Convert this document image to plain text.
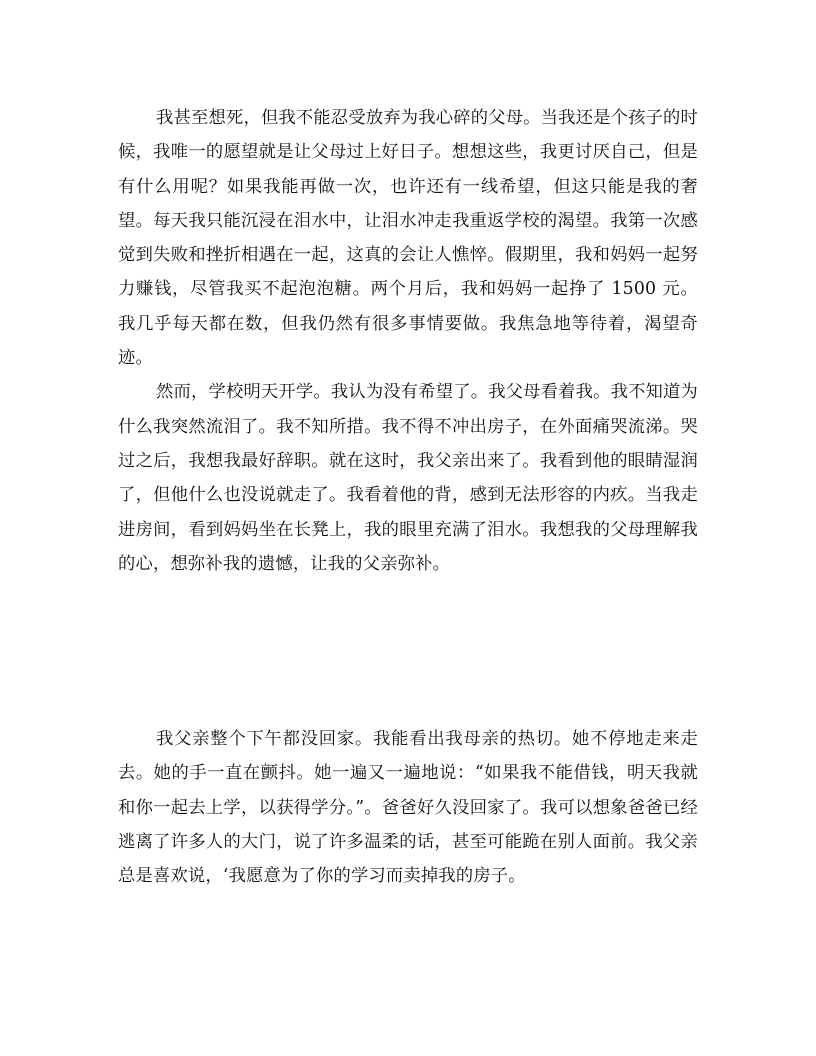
我甚至想死，但我不能忍受放弃为我心碎的父母。当我还是个孩子的时候，我唯一的愿望就是让父母过上好日子。想想这些，我更讨厌自己，但是有什么用呢？如果我能再做一次，也许还有一线希望，但这只能是我的奢望。每天我只能沉浸在泪水中，让泪水冲走我重返学校的渴望。我第一次感觉到失败和挫折相遇在一起，这真的会让人憔悴。假期里，我和妈妈一起努力赚钱，尽管我买不起泡泡糖。两个月后，我和妈妈一起挣了 1500 元。我几乎每天都在数，但我仍然有很多事情要做。我焦急地等待着，渴望奇迹。

然而，学校明天开学。我认为没有希望了。我父母看着我。我不知道为什么我突然流泪了。我不知所措。我不得不冲出房子，在外面痛哭流涕。哭过之后，我想我最好辞职。就在这时，我父亲出来了。我看到他的眼睛湿润了，但他什么也没说就走了。我看着他的背，感到无法形容的内疚。当我走进房间，看到妈妈坐在长凳上，我的眼里充满了泪水。我想我的父母理解我的心，想弥补我的遗憾，让我的父亲弥补。

我父亲整个下午都没回家。我能看出我母亲的热切。她不停地走来走去。她的手一直在颤抖。她一遍又一遍地说：“如果我不能借钱，明天我就和你一起去上学，以获得学分。”。爸爸好久没回家了。我可以想象爸爸已经逃离了许多人的大门，说了许多温柔的话，甚至可能跪在别人面前。我父亲总是喜欢说，‘我愿意为了你的学习而卖掉我的房子。
